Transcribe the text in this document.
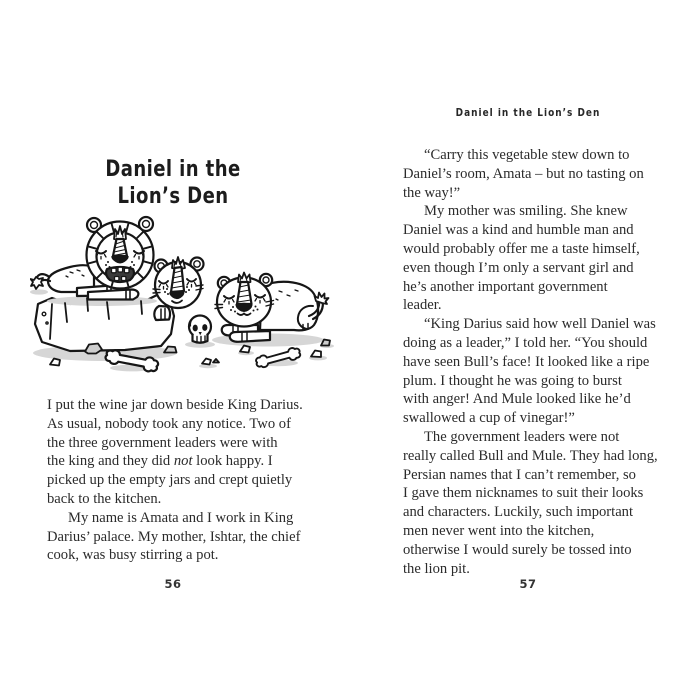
Daniel in the
Lion’s Den
I put the wine jar down beside King Darius.
As usual, nobody took any notice. Two of
the three government leaders were with
the king and they did not look happy. I
picked up the empty jars and crept quietly
back to the kitchen.
My name is Amata and I work in King
Darius’ palace. My mother, Ishtar, the chief
cook, was busy stirring a pot.
56
Daniel in the Lion’s Den
“Carry this vegetable stew down to
Daniel’s room, Amata – but no tasting on
the way!”
My mother was smiling. She knew
Daniel was a kind and humble man and
would probably offer me a taste himself,
even though I’m only a servant girl and
he’s another important government
leader.
“King Darius said how well Daniel was
doing as a leader,” I told her. “You should
have seen Bull’s face! It looked like a ripe
plum. I thought he was going to burst
with anger! And Mule looked like he’d
swallowed a cup of vinegar!”
The government leaders were not
really called Bull and Mule. They had long,
Persian names that I can’t remember, so
I gave them nicknames to suit their looks
and characters. Luckily, such important
men never went into the kitchen,
otherwise I would surely be tossed into
the lion pit.
57
